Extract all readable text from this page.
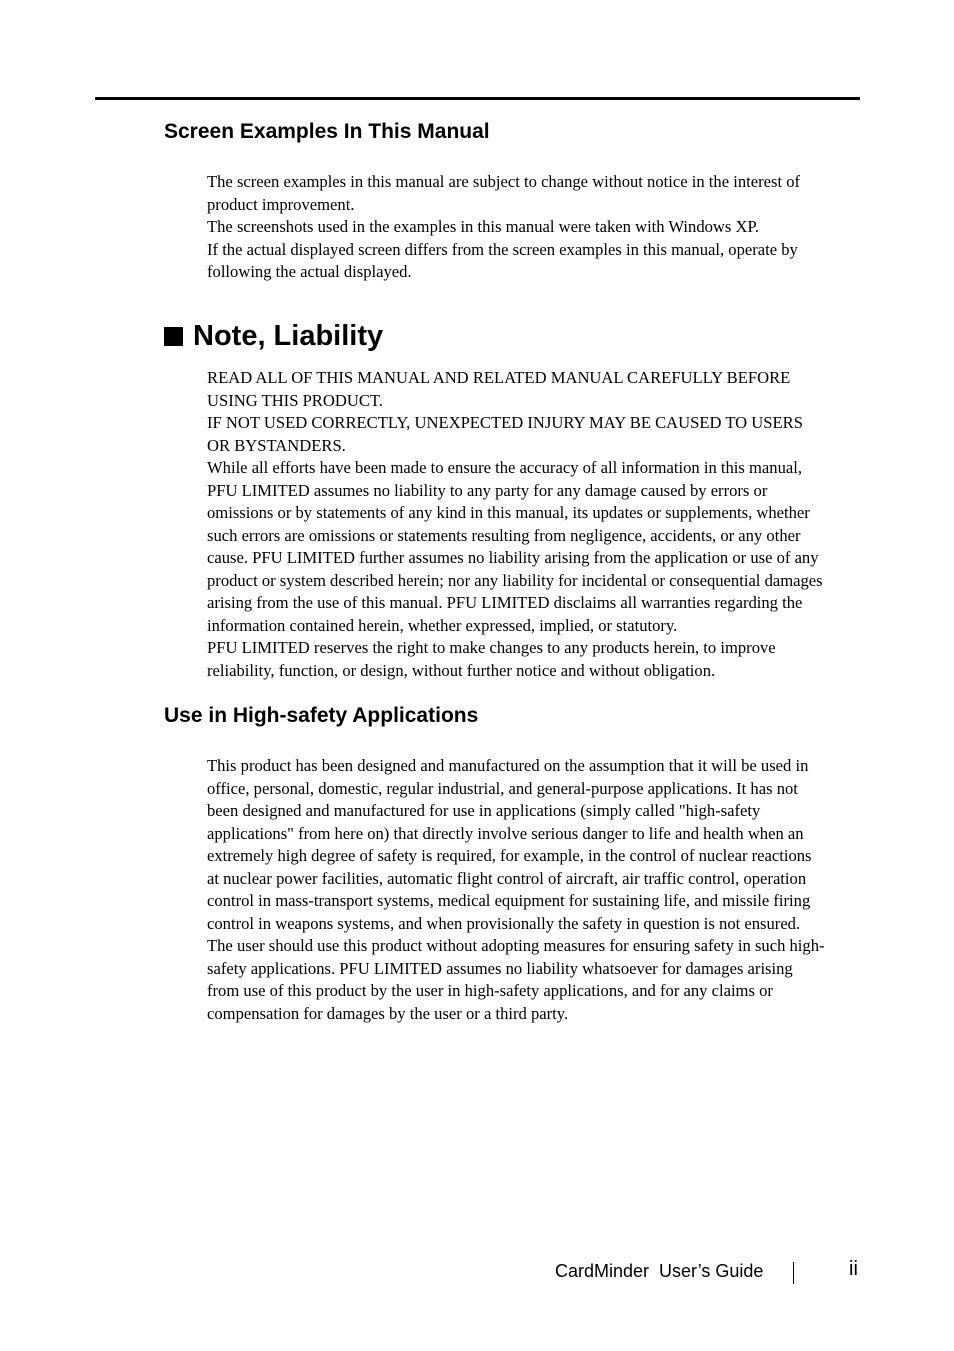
Screen Examples In This Manual

The screen examples in this manual are subject to change without notice in the interest of

product improvement.

The screenshots used in the examples in this manual were taken with Windows XP.

If the actual displayed screen differs from the screen examples in this manual, operate by

following the actual displayed.

Note, Liability

READ ALL OF THIS MANUAL AND RELATED MANUAL CAREFULLY BEFORE

USING THIS PRODUCT.

IF NOT USED CORRECTLY, UNEXPECTED INJURY MAY BE CAUSED TO USERS

OR BYSTANDERS.

While all efforts have been made to ensure the accuracy of all information in this manual,

PFU LIMITED assumes no liability to any party for any damage caused by errors or

omissions or by statements of any kind in this manual, its updates or supplements, whether

such errors are omissions or statements resulting from negligence, accidents, or any other

cause. PFU LIMITED further assumes no liability arising from the application or use of any

product or system described herein; nor any liability for incidental or consequential damages

arising from the use of this manual. PFU LIMITED disclaims all warranties regarding the

information contained herein, whether expressed, implied, or statutory.

PFU LIMITED reserves the right to make changes to any products herein, to improve

reliability, function, or design, without further notice and without obligation.

Use in High-safety Applications

This product has been designed and manufactured on the assumption that it will be used in

office, personal, domestic, regular industrial, and general-purpose applications. It has not

been designed and manufactured for use in applications (simply called "high-safety

applications" from here on) that directly involve serious danger to life and health when an

extremely high degree of safety is required, for example, in the control of nuclear reactions

at nuclear power facilities, automatic flight control of aircraft, air traffic control, operation

control in mass-transport systems, medical equipment for sustaining life, and missile firing

control in weapons systems, and when provisionally the safety in question is not ensured.

The user should use this product without adopting measures for ensuring safety in such high-

safety applications. PFU LIMITED assumes no liability whatsoever for damages arising

from use of this product by the user in high-safety applications, and for any claims or

compensation for damages by the user or a third party.

CardMinder  User’s Guide	ii
